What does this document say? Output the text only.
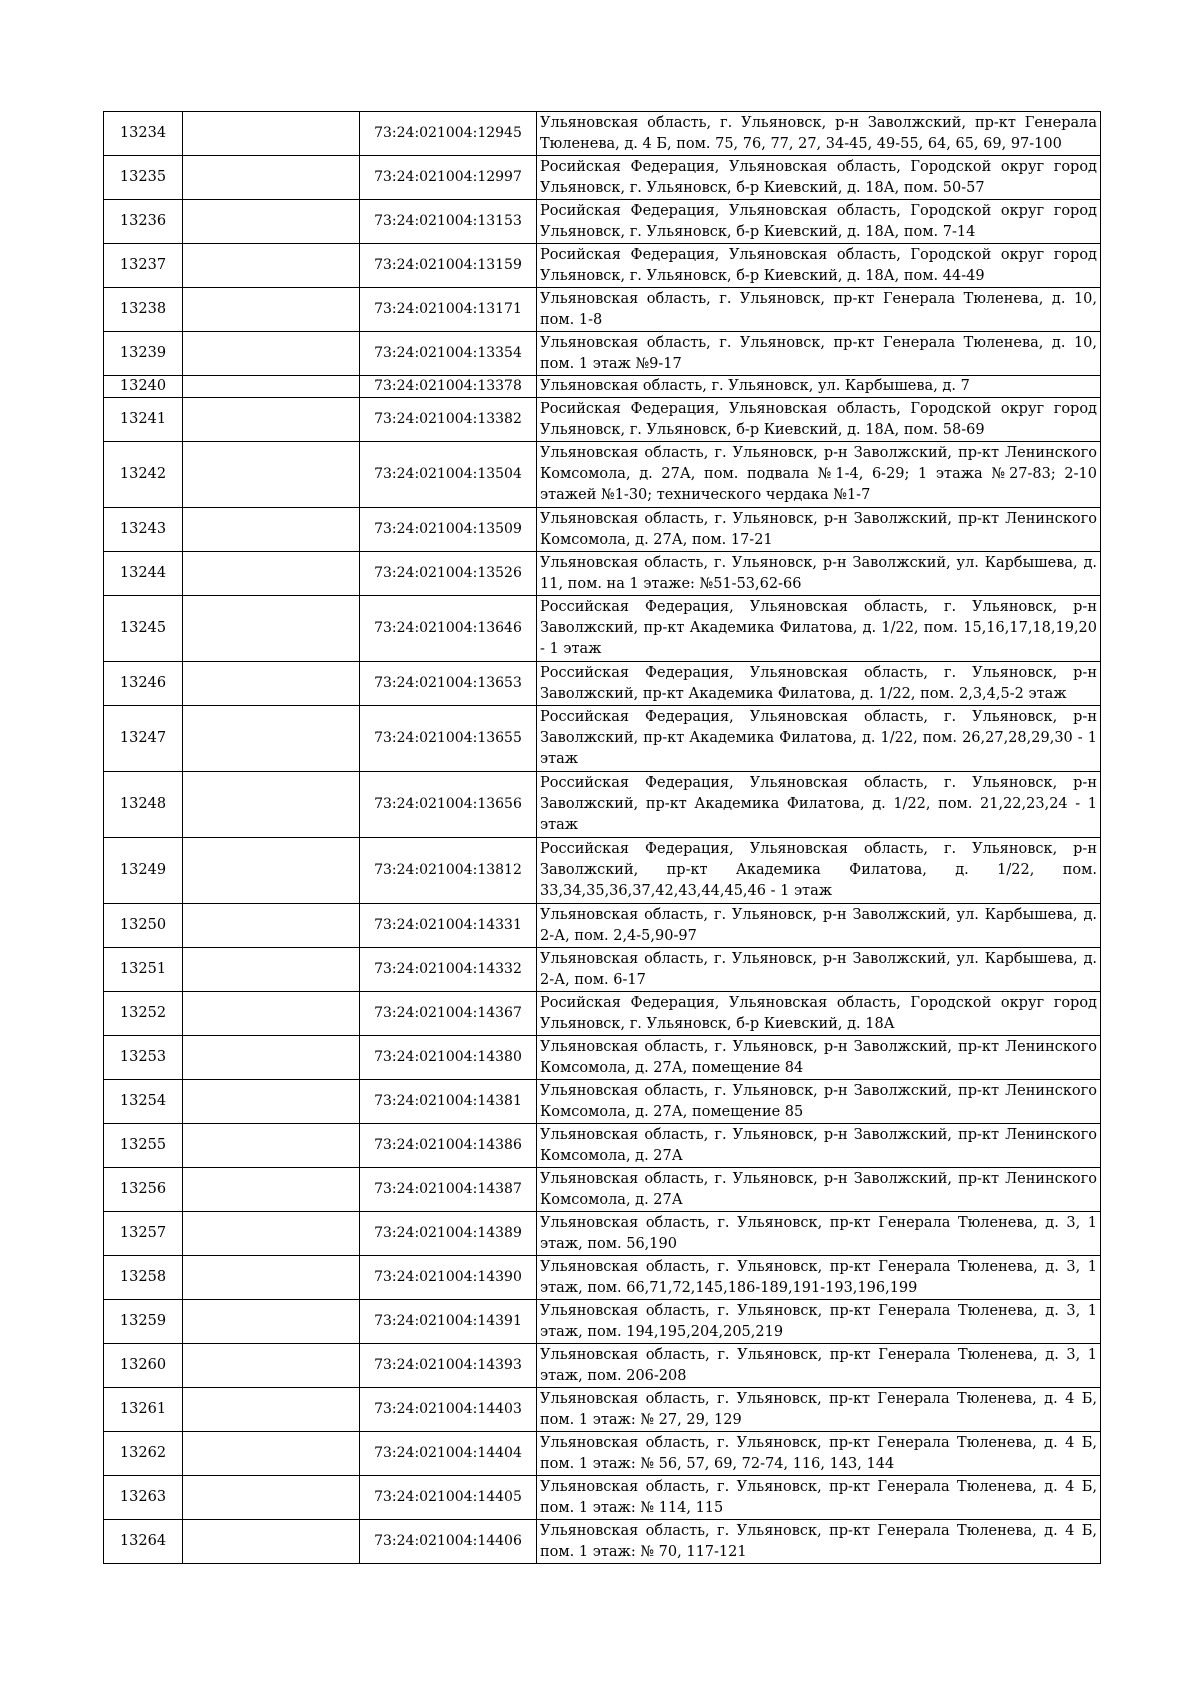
13234		73:24:021004:12945	Ульяновская область, г. Ульяновск, р-н Заволжский, пр-кт Генерала Тюленева, д. 4 Б, пом. 75, 76, 77, 27, 34-45, 49-55, 64, 65, 69, 97-100
13235		73:24:021004:12997	Росийская Федерация, Ульяновская область, Городской округ город Ульяновск, г. Ульяновск, б-р Киевский, д. 18А, пом. 50-57
13236		73:24:021004:13153	Росийская Федерация, Ульяновская область, Городской округ город Ульяновск, г. Ульяновск, б-р Киевский, д. 18А, пом. 7-14
13237		73:24:021004:13159	Росийская Федерация, Ульяновская область, Городской округ город Ульяновск, г. Ульяновск, б-р Киевский, д. 18А, пом. 44-49
13238		73:24:021004:13171	Ульяновская область, г. Ульяновск, пр-кт Генерала Тюленева, д. 10, пом. 1-8
13239		73:24:021004:13354	Ульяновская область, г. Ульяновск, пр-кт Генерала Тюленева, д. 10, пом. 1 этаж №9-17
13240		73:24:021004:13378	Ульяновская область, г. Ульяновск, ул. Карбышева, д. 7
13241		73:24:021004:13382	Росийская Федерация, Ульяновская область, Городской округ город Ульяновск, г. Ульяновск, б-р Киевский, д. 18А, пом. 58-69
13242		73:24:021004:13504	Ульяновская область, г. Ульяновск, р-н Заволжский, пр-кт Ленинского Комсомола, д. 27А, пом. подвала №1-4, 6-29; 1 этажа №27-83; 2-10 этажей №1-30; технического чердака №1-7
13243		73:24:021004:13509	Ульяновская область, г. Ульяновск, р-н Заволжский, пр-кт Ленинского Комсомола, д. 27А, пом. 17-21
13244		73:24:021004:13526	Ульяновская область, г. Ульяновск, р-н Заволжский, ул. Карбышева, д. 11, пом. на 1 этаже: №51-53,62-66
13245		73:24:021004:13646	Российская Федерация, Ульяновская область, г. Ульяновск, р-н Заволжский, пр-кт Академика Филатова, д. 1/22, пом. 15,16,17,18,19,20 - 1 этаж
13246		73:24:021004:13653	Российская Федерация, Ульяновская область, г. Ульяновск, р-н Заволжский, пр-кт Академика Филатова, д. 1/22, пом. 2,3,4,5-2 этаж
13247		73:24:021004:13655	Российская Федерация, Ульяновская область, г. Ульяновск, р-н Заволжский, пр-кт Академика Филатова, д. 1/22, пом. 26,27,28,29,30 - 1 этаж
13248		73:24:021004:13656	Российская Федерация, Ульяновская область, г. Ульяновск, р-н Заволжский, пр-кт Академика Филатова, д. 1/22, пом. 21,22,23,24 - 1 этаж
13249		73:24:021004:13812	Российская Федерация, Ульяновская область, г. Ульяновск, р-н Заволжский, пр-кт Академика Филатова, д. 1/22, пом. 33,34,35,36,37,42,43,44,45,46 - 1 этаж
13250		73:24:021004:14331	Ульяновская область, г. Ульяновск, р-н Заволжский, ул. Карбышева, д. 2-А, пом. 2,4-5,90-97
13251		73:24:021004:14332	Ульяновская область, г. Ульяновск, р-н Заволжский, ул. Карбышева, д. 2-А, пом. 6-17
13252		73:24:021004:14367	Росийская Федерация, Ульяновская область, Городской округ город Ульяновск, г. Ульяновск, б-р Киевский, д. 18А
13253		73:24:021004:14380	Ульяновская область, г. Ульяновск, р-н Заволжский, пр-кт Ленинского Комсомола, д. 27А, помещение 84
13254		73:24:021004:14381	Ульяновская область, г. Ульяновск, р-н Заволжский, пр-кт Ленинского Комсомола, д. 27А, помещение 85
13255		73:24:021004:14386	Ульяновская область, г. Ульяновск, р-н Заволжский, пр-кт Ленинского Комсомола, д. 27А
13256		73:24:021004:14387	Ульяновская область, г. Ульяновск, р-н Заволжский, пр-кт Ленинского Комсомола, д. 27А
13257		73:24:021004:14389	Ульяновская область, г. Ульяновск, пр-кт Генерала Тюленева, д. 3, 1 этаж, пом. 56,190
13258		73:24:021004:14390	Ульяновская область, г. Ульяновск, пр-кт Генерала Тюленева, д. 3, 1 этаж, пом. 66,71,72,145,186-189,191-193,196,199
13259		73:24:021004:14391	Ульяновская область, г. Ульяновск, пр-кт Генерала Тюленева, д. 3, 1 этаж, пом. 194,195,204,205,219
13260		73:24:021004:14393	Ульяновская область, г. Ульяновск, пр-кт Генерала Тюленева, д. 3, 1 этаж, пом. 206-208
13261		73:24:021004:14403	Ульяновская область, г. Ульяновск, пр-кт Генерала Тюленева, д. 4 Б, пом. 1 этаж: № 27, 29, 129
13262		73:24:021004:14404	Ульяновская область, г. Ульяновск, пр-кт Генерала Тюленева, д. 4 Б, пом. 1 этаж: № 56, 57, 69, 72-74, 116, 143, 144
13263		73:24:021004:14405	Ульяновская область, г. Ульяновск, пр-кт Генерала Тюленева, д. 4 Б, пом. 1 этаж: № 114, 115
13264		73:24:021004:14406	Ульяновская область, г. Ульяновск, пр-кт Генерала Тюленева, д. 4 Б, пом. 1 этаж: № 70, 117-121
